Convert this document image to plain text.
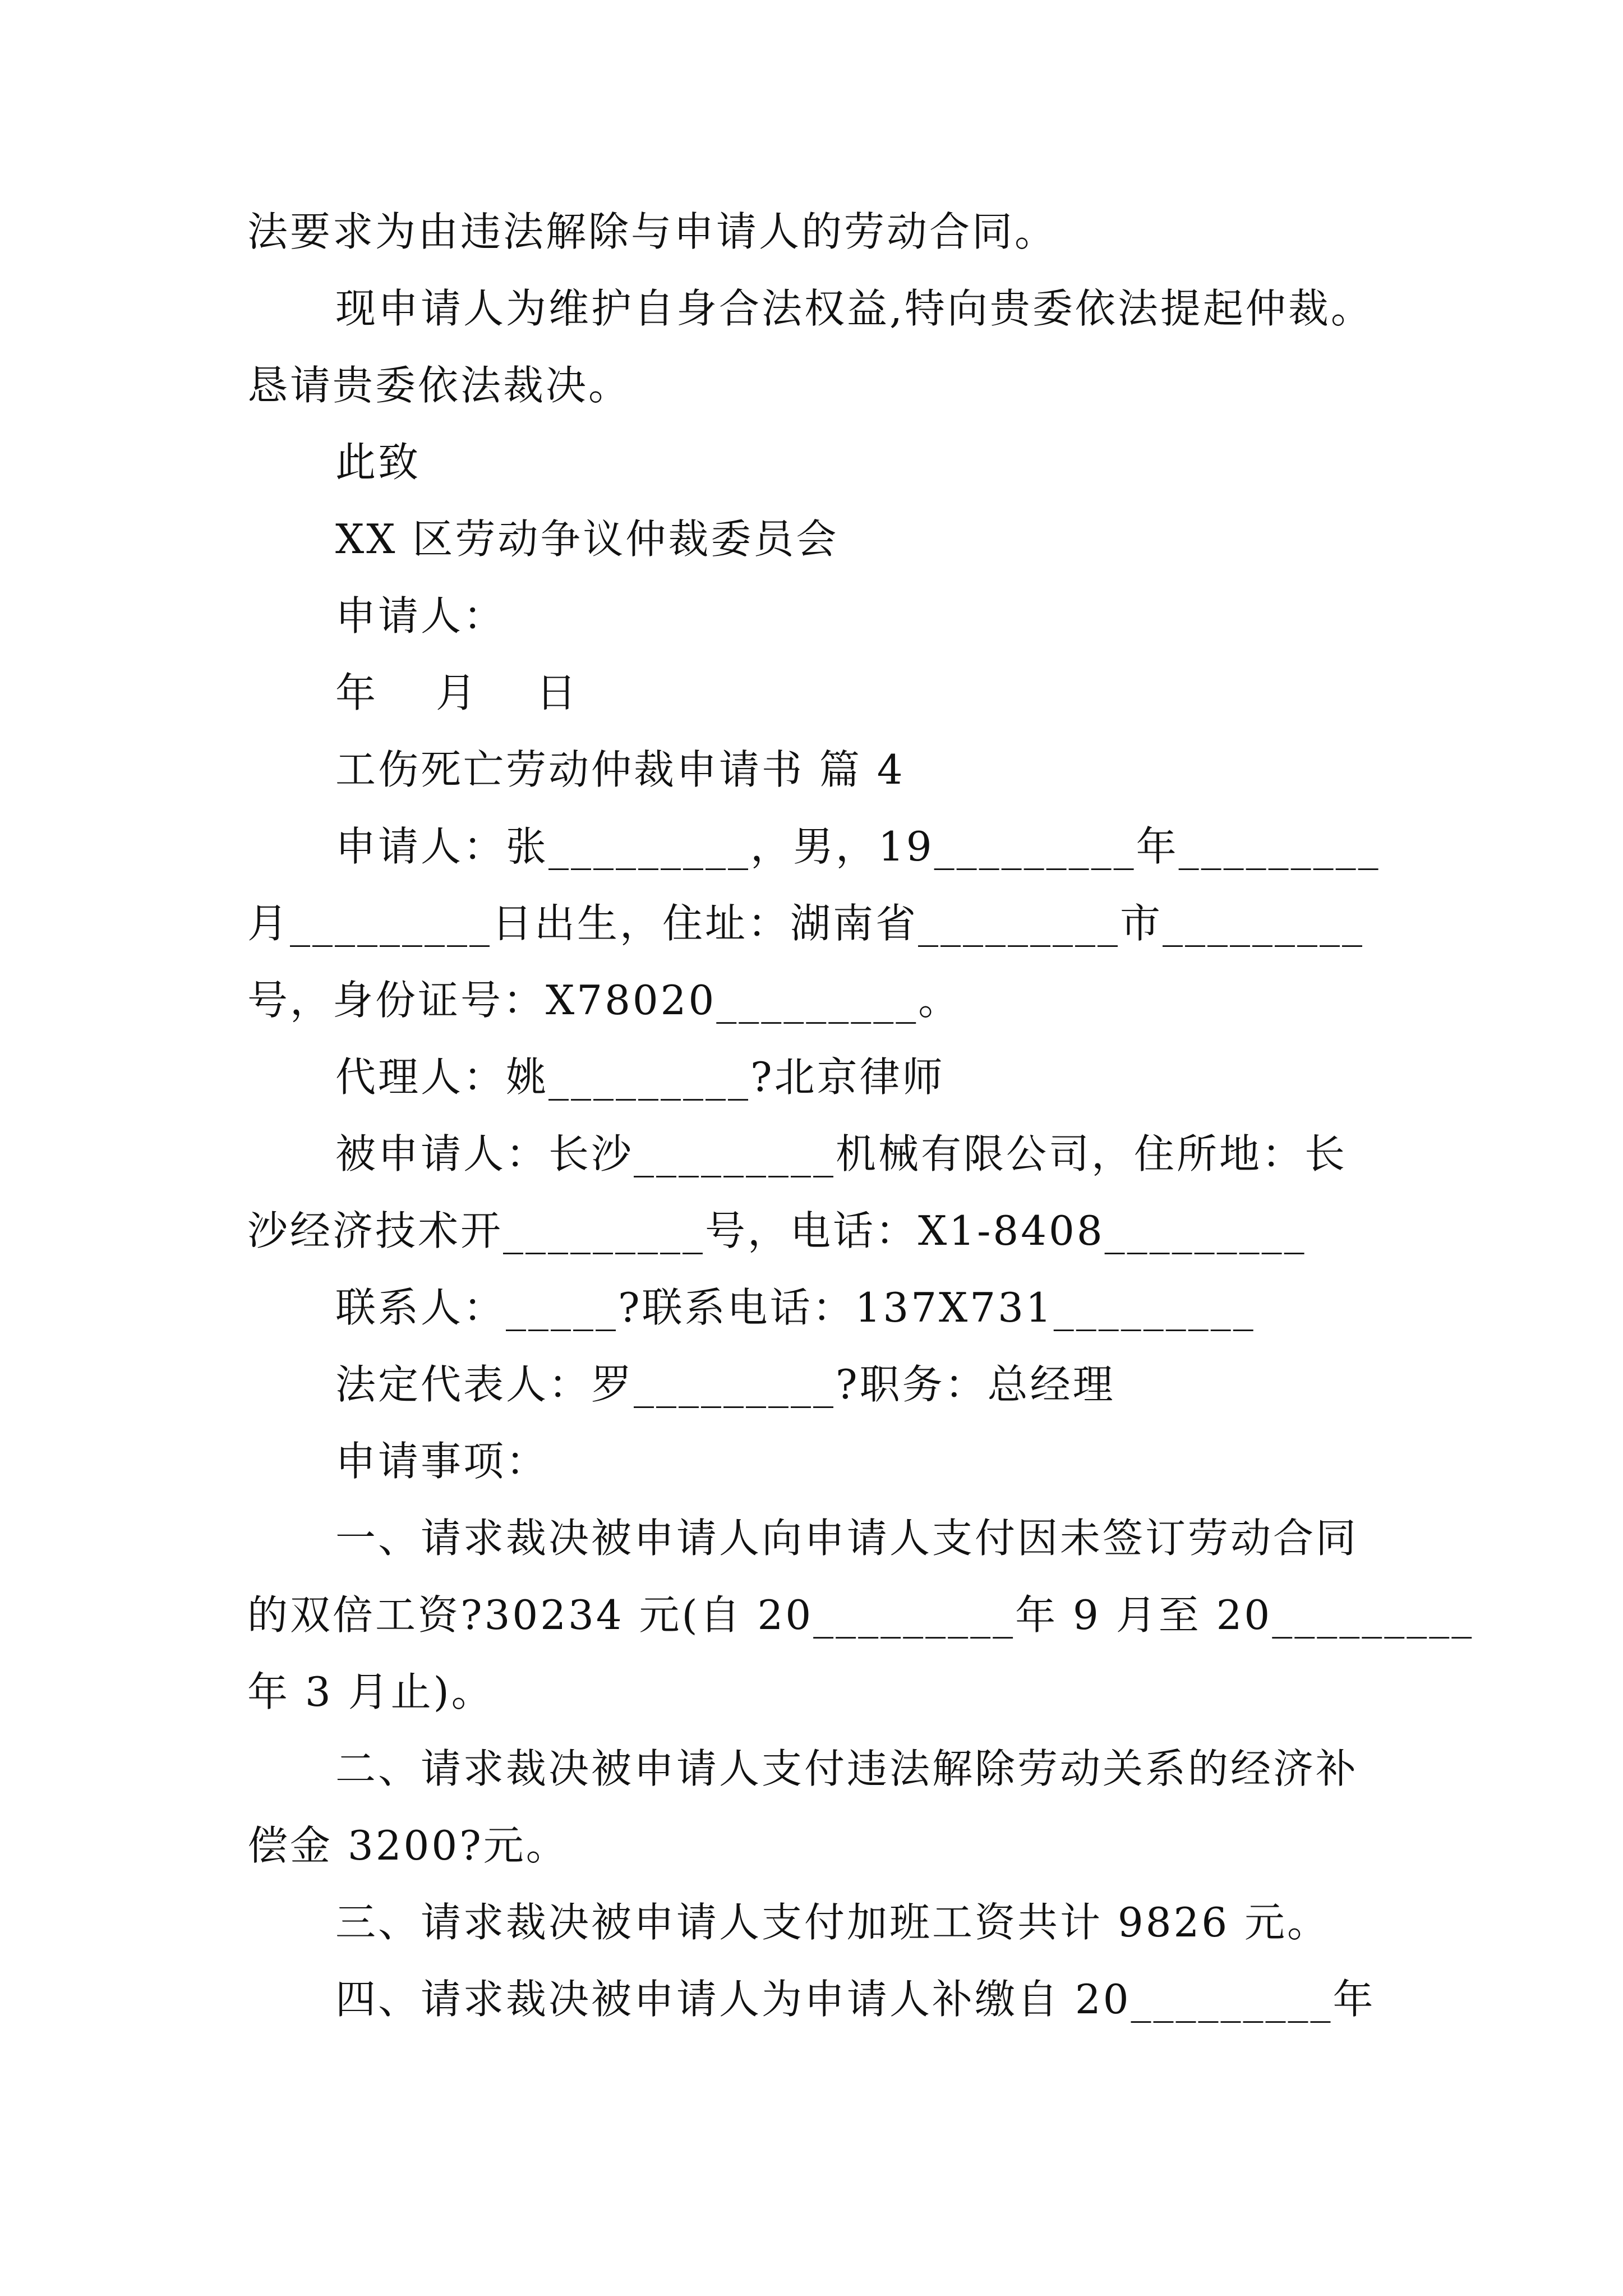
法要求为由违法解除与申请人的劳动合同。
现申请人为维护自身合法权益,特向贵委依法提起仲裁。
恳请贵委依法裁决。
此致
XX 区劳动争议仲裁委员会
申请人：
年　 月　 日
工伤死亡劳动仲裁申请书 篇 4
申请人：张_________，男，19_________年_________
月_________日出生，住址：湖南省_________市_________
号，身份证号：X78020_________。
代理人：姚_________?北京律师
被申请人：长沙_________机械有限公司，住所地：长
沙经济技术开_________号，电话：X1-8408_________
联系人：_____?联系电话：137X731_________
法定代表人：罗_________?职务：总经理
申请事项：
一、请求裁决被申请人向申请人支付因未签订劳动合同
的双倍工资?30234 元(自 20_________年 9 月至 20_________
年 3 月止)。
二、请求裁决被申请人支付违法解除劳动关系的经济补
偿金 3200?元。
三、请求裁决被申请人支付加班工资共计 9826 元。
四、请求裁决被申请人为申请人补缴自 20_________年
